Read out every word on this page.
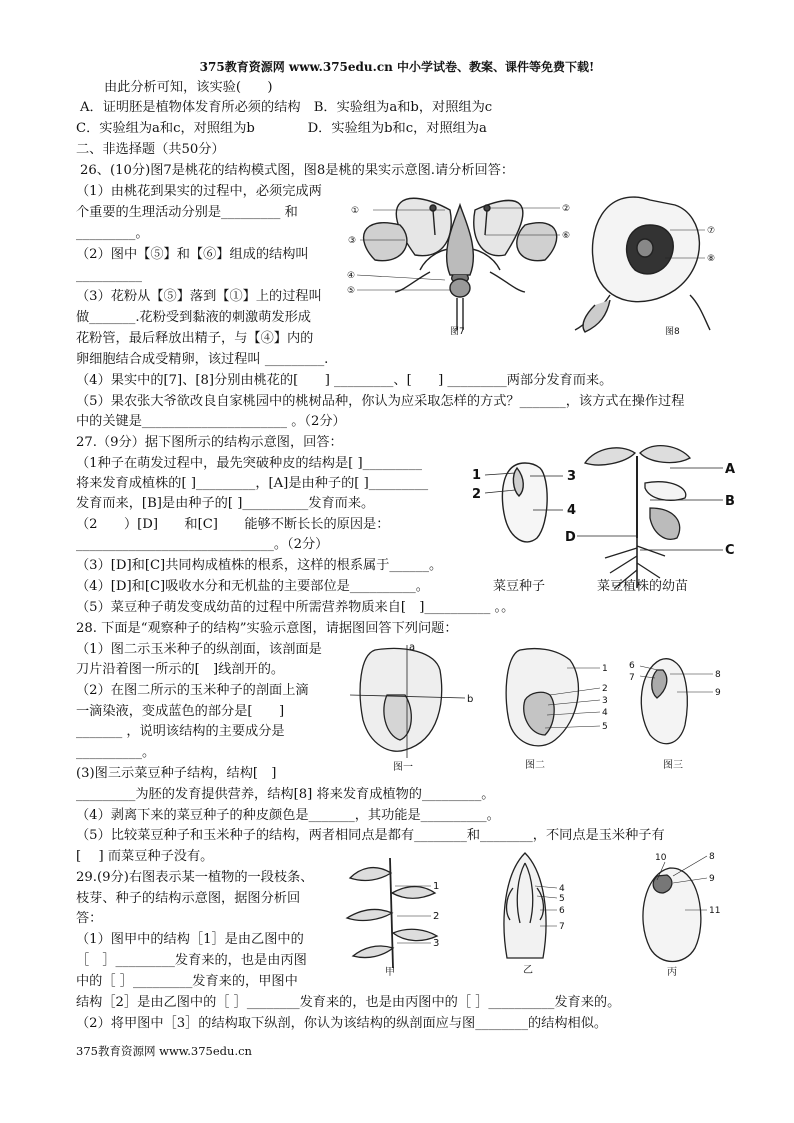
375教育资源网 www.375edu.cn 中小学试卷、教案、课件等免费下载!
由此分析可知，该实验(　　)
A．证明胚是植物体发育所必须的结构　B．实验组为a和b，对照组为c
C．实验组为a和c，对照组为b　　　　D．实验组为b和c，对照组为a
二、非选择题（共50分）
26、(10分)图7是桃花的结构模式图，图8是桃的果实示意图.请分析回答：
（1）由桃花到果实的过程中，必须完成两
个重要的生理活动分别是_________ 和
_________。
（2）图中【⑤】和【⑥】组成的结构叫
__________
（3）花粉从【⑤】落到【①】上的过程叫
做_______.花粉受到黏液的刺激萌发形成
花粉管，最后释放出精子，与【④】内的
卵细胞结合成受精卵，该过程叫 _________.
（4）果实中的[7]、[8]分别由桃花的[　　] _________、[　　] _________两部分发育而来。
（5）果农张大爷欲改良自家桃园中的桃树品种，你认为应采取怎样的方式？_______，该方式在操作过程
中的关键是______________________ 。（2分）
27.（9分）据下图所示的结构示意图，回答：
（1种子在萌发过程中，最先突破种皮的结构是[ ]_________
将来发育成植株的[ ]_________，[A]是由种子的[ ]_________
发育而来，[B]是由种子的[ ]__________发育而来。
（2　　）[D]　　和[C]　　能够不断长长的原因是：
______________________________。（2分）
（3）[D]和[C]共同构成植株的根系，这样的根系属于______。
（4）[D]和[C]吸收水分和无机盐的主要部位是__________。
（5）菜豆种子萌发变成幼苗的过程中所需营养物质来自[　]__________ 。。
28. 下面是“观察种子的结构”实验示意图，请据图回答下列问题：
（1）图二示玉米种子的纵剖面，该剖面是
刀片沿着图一所示的[　]线剖开的。
（2）在图二所示的玉米种子的剖面上滴
一滴染液，变成蓝色的部分是[　　]
_______ ，说明该结构的主要成分是
__________。
(3)图三示菜豆种子结构，结构[　]
_________为胚的发育提供营养，结构[8] 将来发育成植物的_________。
（4）剥离下来的菜豆种子的种皮颜色是_______，其功能是__________。
（5）比较菜豆种子和玉米种子的结构，两者相同点是都有________和________，不同点是玉米种子有
[　 ] 而菜豆种子没有。
29.(9分)右图表示某一植物的一段枝条、
枝芽、种子的结构示意图，据图分析回
答：
（1）图甲中的结构［1］是由乙图中的
［　］_________发育来的，也是由丙图
中的［ ］_________发育来的，甲图中
结构［2］是由乙图中的［ ］________发育来的，也是由丙图中的［ ］__________发育来的。
（2）将甲图中［3］的结构取下纵剖，你认为该结构的纵剖面应与图________的结构相似。
375教育资源网 www.375edu.cn
①
③
④
⑤
②
⑥
图7
⑦
⑧
图8
1
2
3
4
菜豆种子
A
B
C
D
菜豆植株的幼苗
a
b
图一
1
2
3
4
5
图二
6
7	8
9
图三
1
2
3
甲
4
5
6
7
乙
8
9
10
11
丙
